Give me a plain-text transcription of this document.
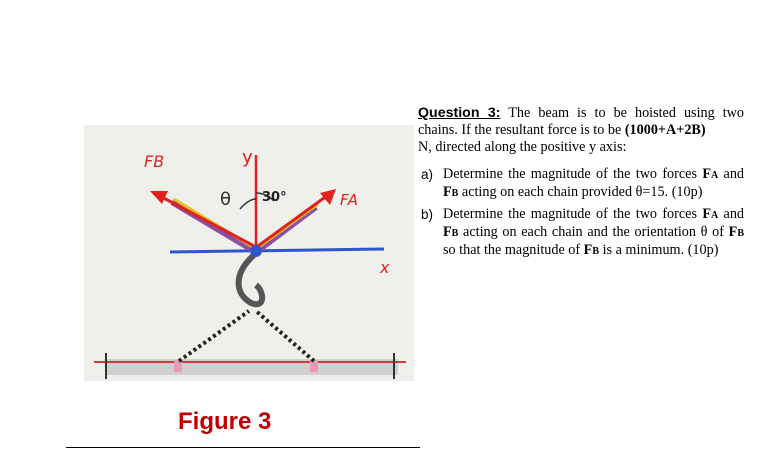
FB	y
θ 30°	FA
x
Figure 3
Question 3: The beam is to be hoisted using two chains. If the resultant force is to be (1000+A+2B)
N, directed along the positive y axis:
a) Determine the magnitude of the two forces FA and FB acting on each chain provided θ=15. (10p)
b) Determine the magnitude of the two forces FA and FB acting on each chain and the orientation θ of FB so that the magnitude of FB is a minimum. (10p)
